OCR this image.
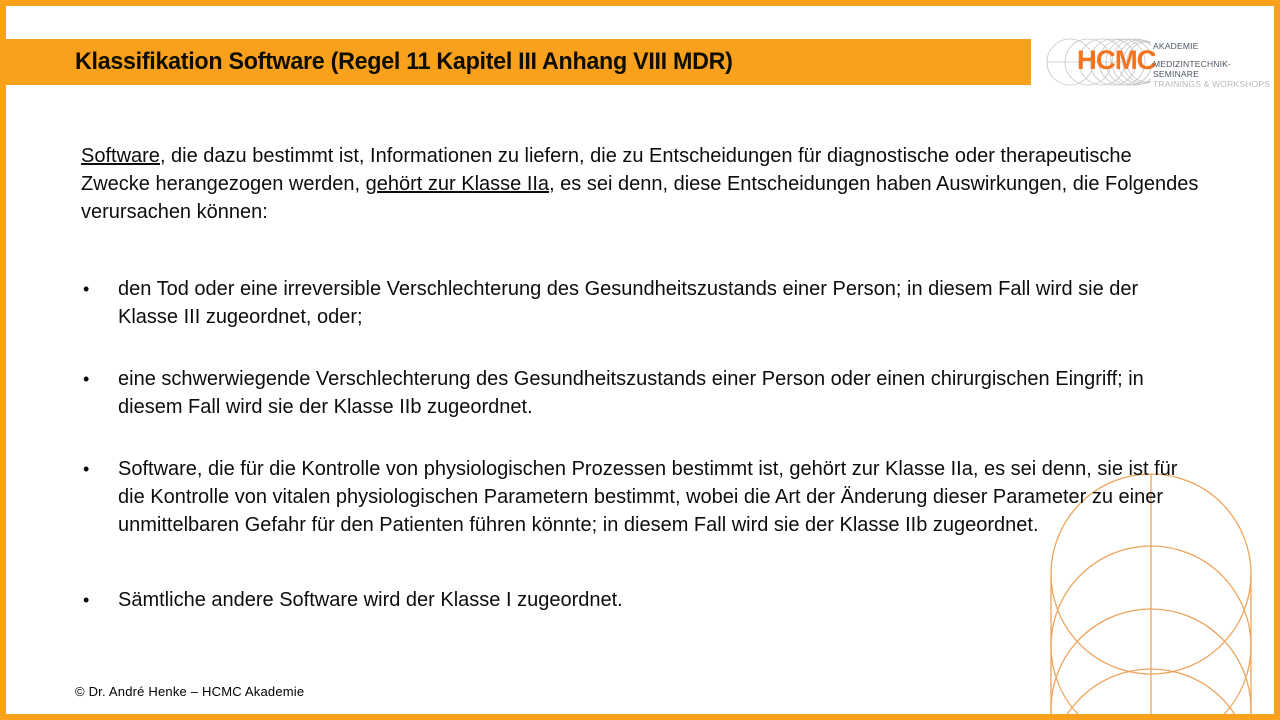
Klassifikation Software (Regel 11 Kapitel III Anhang VIII MDR)	HCMC
AKADEMIE
MEDIZINTECHNIK-SEMINARE
TRAININGS & WORKSHOPS

Software, die dazu bestimmt ist, Informationen zu liefern, die zu Entscheidungen für diagnostische oder therapeutische Zwecke herangezogen werden, gehört zur Klasse IIa, es sei denn, diese Entscheidungen haben Auswirkungen, die Folgendes verursachen können:

• den Tod oder eine irreversible Verschlechterung des Gesundheitszustands einer Person; in diesem Fall wird sie der Klasse III zugeordnet, oder;
• eine schwerwiegende Verschlechterung des Gesundheitszustands einer Person oder einen chirurgischen Eingriff; in diesem Fall wird sie der Klasse IIb zugeordnet.
• Software, die für die Kontrolle von physiologischen Prozessen bestimmt ist, gehört zur Klasse IIa, es sei denn, sie ist für die Kontrolle von vitalen physiologischen Parametern bestimmt, wobei die Art der Änderung dieser Parameter zu einer unmittelbaren Gefahr für den Patienten führen könnte; in diesem Fall wird sie der Klasse IIb zugeordnet.
• Sämtliche andere Software wird der Klasse I zugeordnet.
© Dr. André Henke – HCMC Akademie
